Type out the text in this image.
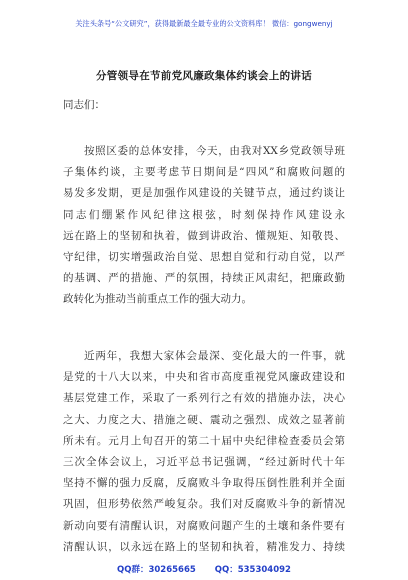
关注头条号“公文研究”，获得最新最全最专业的公文资料库！ 微信：gongwenyj
分管领导在节前党风廉政集体约谈会上的讲话
同志们：
按照区委的总体安排，今天，由我对XX乡党政领导班
子集体约谈，主要考虑节日期间是“四风”和腐败问题的
易发多发期，更是加强作风建设的关键节点，通过约谈让
同志们绷紧作风纪律这根弦，时刻保持作风建设永
远在路上的坚韧和执着，做到讲政治、懂规矩、知敬畏、
守纪律，切实增强政治自觉、思想自觉和行动自觉，以严
的基调、严的措施、严的氛围，持续正风肃纪，把廉政勤
政转化为推动当前重点工作的强大动力。
近两年，我想大家体会最深、变化最大的一件事，就
是党的十八大以来，中央和省市高度重视党风廉政建设和
基层党建工作，采取了一系列行之有效的措施办法，决心
之大、力度之大、措施之硬、震动之强烈、成效之显著前
所未有。元月上旬召开的第二十届中央纪律检查委员会第
三次全体会议上，习近平总书记强调，“经过新时代十年
坚持不懈的强力反腐，反腐败斗争取得压倒性胜利并全面
巩固，但形势依然严峻复杂。我们对反腐败斗争的新情况
新动向要有清醒认识，对腐败问题产生的土壤和条件要有
清醒认识，以永远在路上的坚韧和执着，精准发力、持续
QQ群：30265665 QQ：535304092
